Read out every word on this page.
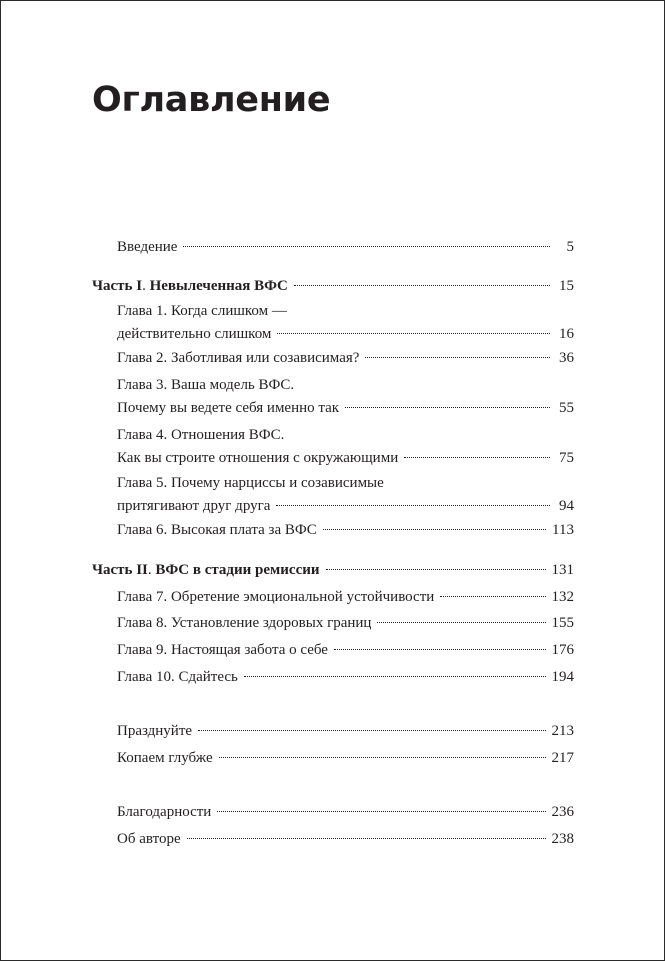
Оглавление
Введение	5
Часть I. Невылеченная ВФС	15
Глава 1. Когда слишком —
действительно слишком	16
Глава 2. Заботливая или созависимая?	36
Глава 3. Ваша модель ВФС.
Почему вы ведете себя именно так	55
Глава 4. Отношения ВФС.
Как вы строите отношения с окружающими	75
Глава 5. Почему нарциссы и созависимые
притягивают друг друга	94
Глава 6. Высокая плата за ВФС	113
Часть II. ВФС в стадии ремиссии	131
Глава 7. Обретение эмоциональной устойчивости	132
Глава 8. Установление здоровых границ	155
Глава 9. Настоящая забота о себе	176
Глава 10. Сдайтесь	194
Празднуйте	213
Копаем глубже	217
Благодарности	236
Об авторе	238
